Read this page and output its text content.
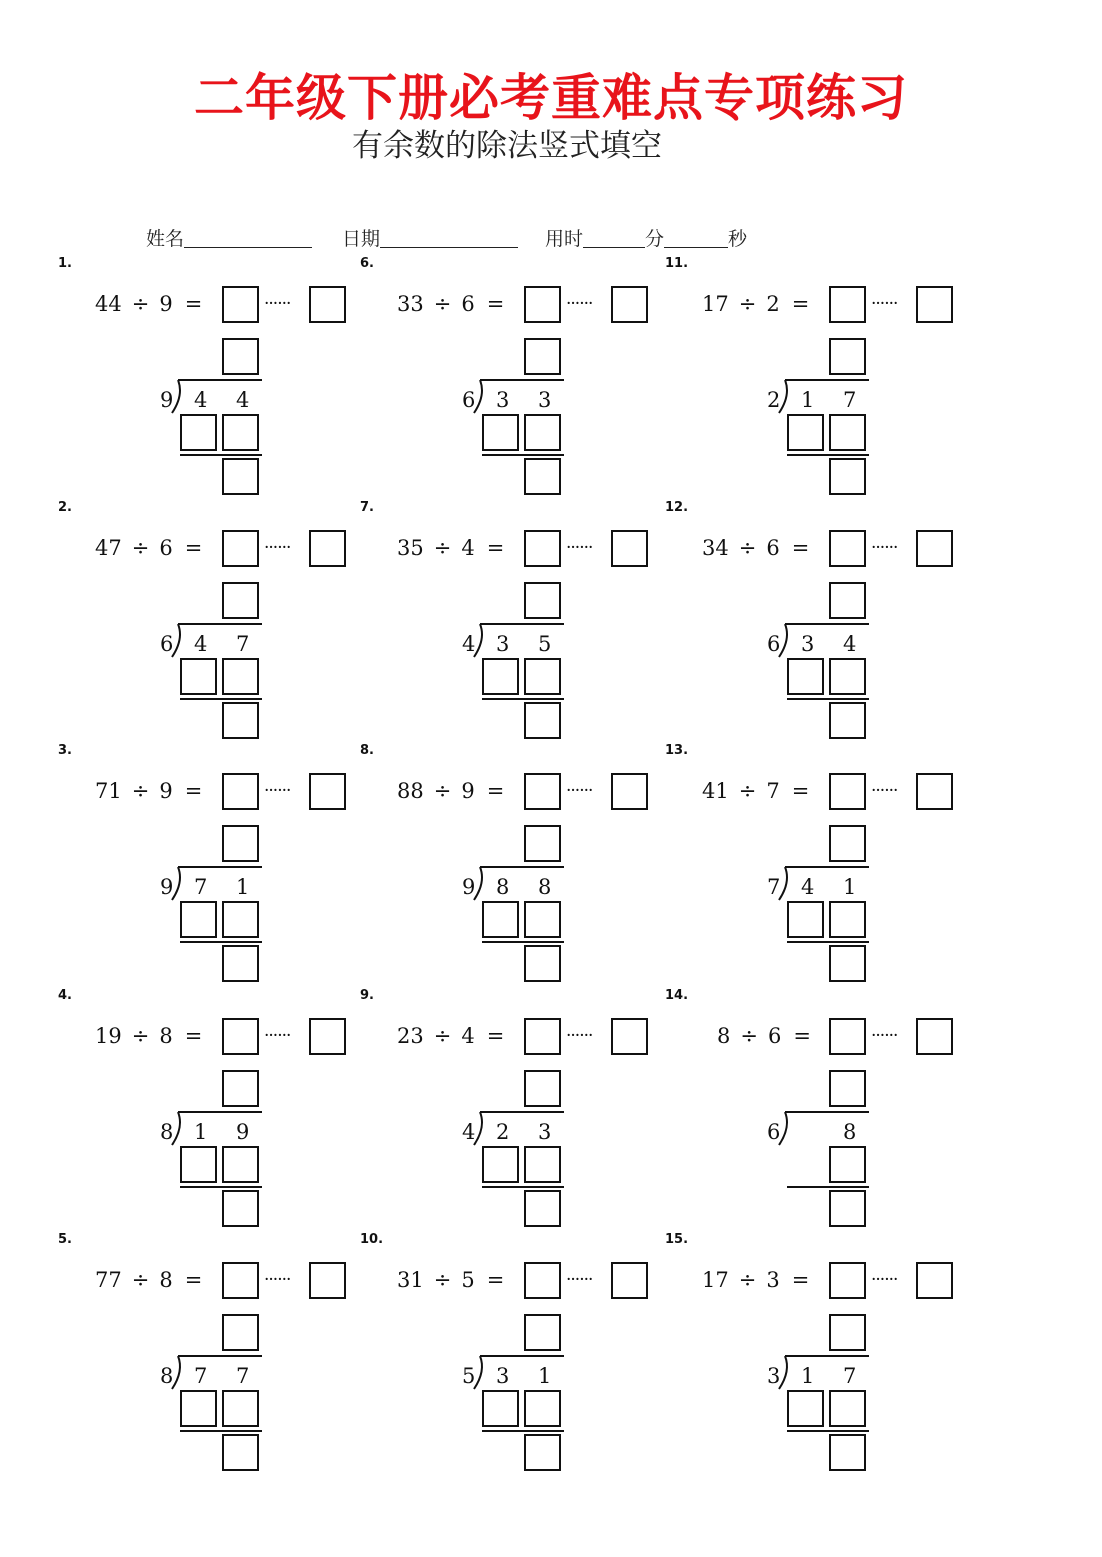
二年级下册必考重难点专项练习
有余数的除法竖式填空
姓名	日期	用时	分	秒
1.
44 ÷ 9 =	······
9 4 4
2.
47 ÷ 6 =	······
6 4 7
3.
71 ÷ 9 =	······
9 7 1
4.
19 ÷ 8 =	······
8 1 9
5.
77 ÷ 8 =	······
8 7 7
6.
33 ÷ 6 =	······
6 3 3
7.
35 ÷ 4 =	······
4 3 5
8.
88 ÷ 9 =	······
9 8 8
9.
23 ÷ 4 =	······
4 2 3
10.
31 ÷ 5 =	······
5 3 1
11.
17 ÷ 2 =	······
2 1 7
12.
34 ÷ 6 =	······
6 3 4
13.
41 ÷ 7 =	······
7 4 1
14.
8 ÷ 6 =	······
6	8
15.
17 ÷ 3 =	······
3 1 7
